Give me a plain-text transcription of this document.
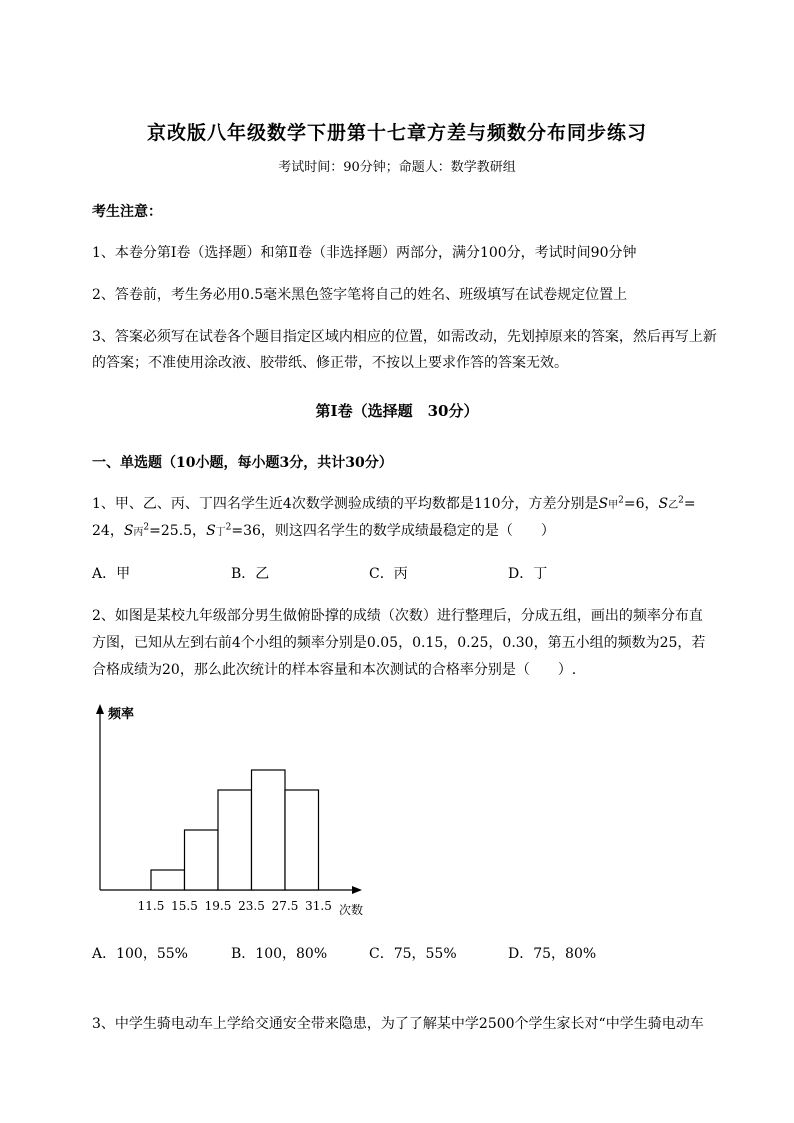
京改版八年级数学下册第十七章方差与频数分布同步练习
考试时间：90分钟；命题人：数学教研组
考生注意：
1、本卷分第I卷（选择题）和第Ⅱ卷（非选择题）两部分，满分100分，考试时间90分钟
2、答卷前，考生务必用0.5毫米黑色签字笔将自己的姓名、班级填写在试卷规定位置上
3、答案必须写在试卷各个题目指定区域内相应的位置，如需改动，先划掉原来的答案，然后再写上新
的答案；不准使用涂改液、胶带纸、修正带，不按以上要求作答的答案无效。
第I卷（选择题　30分）
一、单选题（10小题，每小题3分，共计30分）
1、甲、乙、丙、丁四名学生近4次数学测验成绩的平均数都是110分，方差分别是S甲$^2$=6，S乙$^2$=
24，S丙$^2$=25.5，S丁$^2$=36，则这四名学生的数学成绩最稳定的是（　　）
A．甲	B．乙	C．丙	D．丁
2、如图是某校九年级部分男生做俯卧撑的成绩（次数）进行整理后，分成五组，画出的频率分布直
方图，已知从左到右前4个小组的频率分别是0.05，0.15，0.25，0.30，第五小组的频数为25，若
合格成绩为20，那么此次统计的样本容量和本次测试的合格率分别是（　　）.
频率
次数
11.5 15.5 19.5 23.5 27.5 31.5
A．100，55%	B．100，80%	C．75，55%	D．75，80%
3、中学生骑电动车上学给交通安全带来隐患，为了了解某中学2500个学生家长对“中学生骑电动车
